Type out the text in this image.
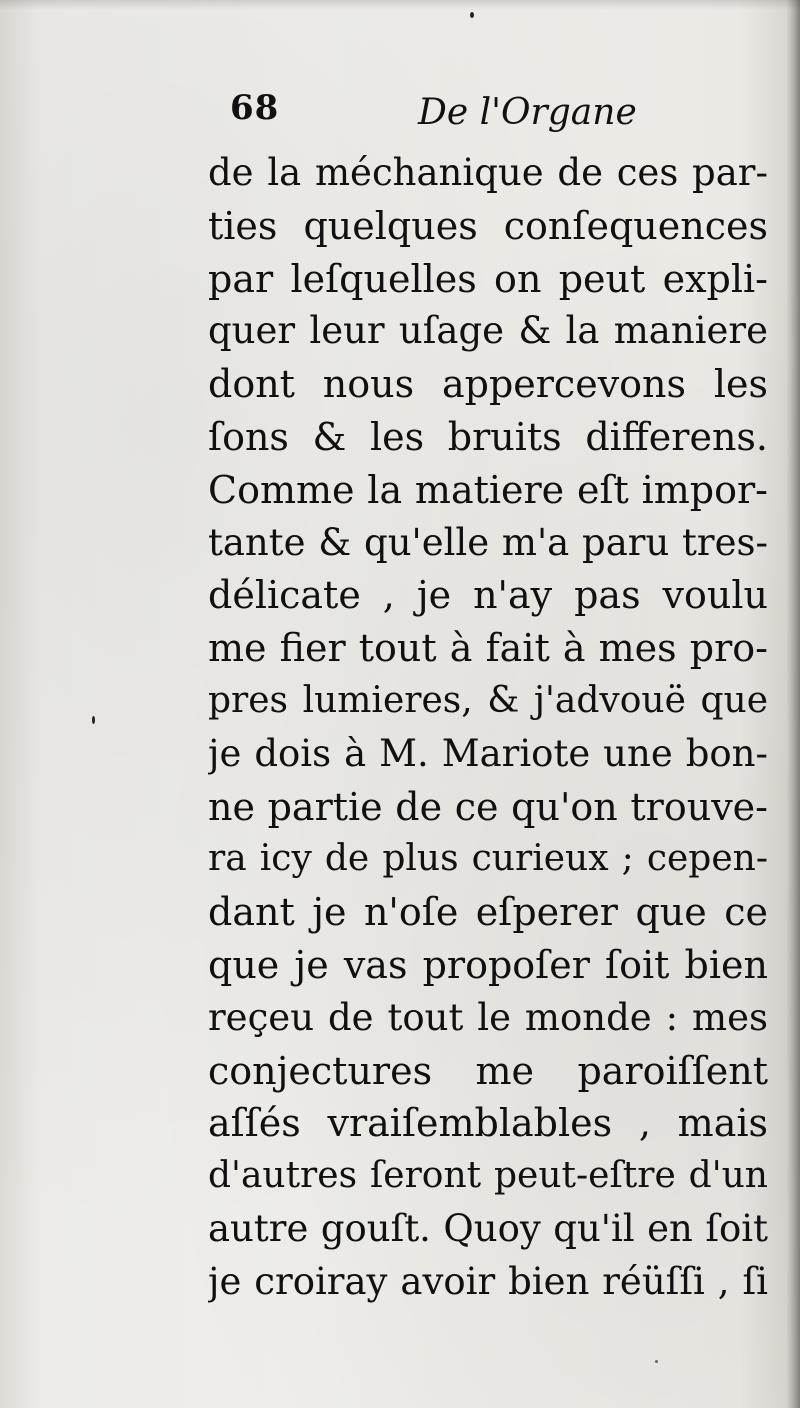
68	De l'Organe
de la méchanique de ces par-
ties quelques conſequences
par leſquelles on peut expli-
quer leur uſage & la maniere
dont nous appercevons les
ſons & les bruits differens.
Comme la matiere eſt impor-
tante & qu'elle m'a paru tres-
délicate , je n'ay pas voulu
me fier tout à fait à mes pro-
pres lumieres, & j'advouë que
je dois à M. Mariote une bon-
ne partie de ce qu'on trouve-
ra icy de plus curieux ; cepen-
dant je n'oſe eſperer que ce
que je vas propoſer ſoit bien
reçeu de tout le monde : mes
conjectures me paroiſſent
aſſés vraiſemblables , mais
d'autres ſeront peut-eſtre d'un
autre gouſt. Quoy qu'il en ſoit
je croiray avoir bien réüſſi , ſi
